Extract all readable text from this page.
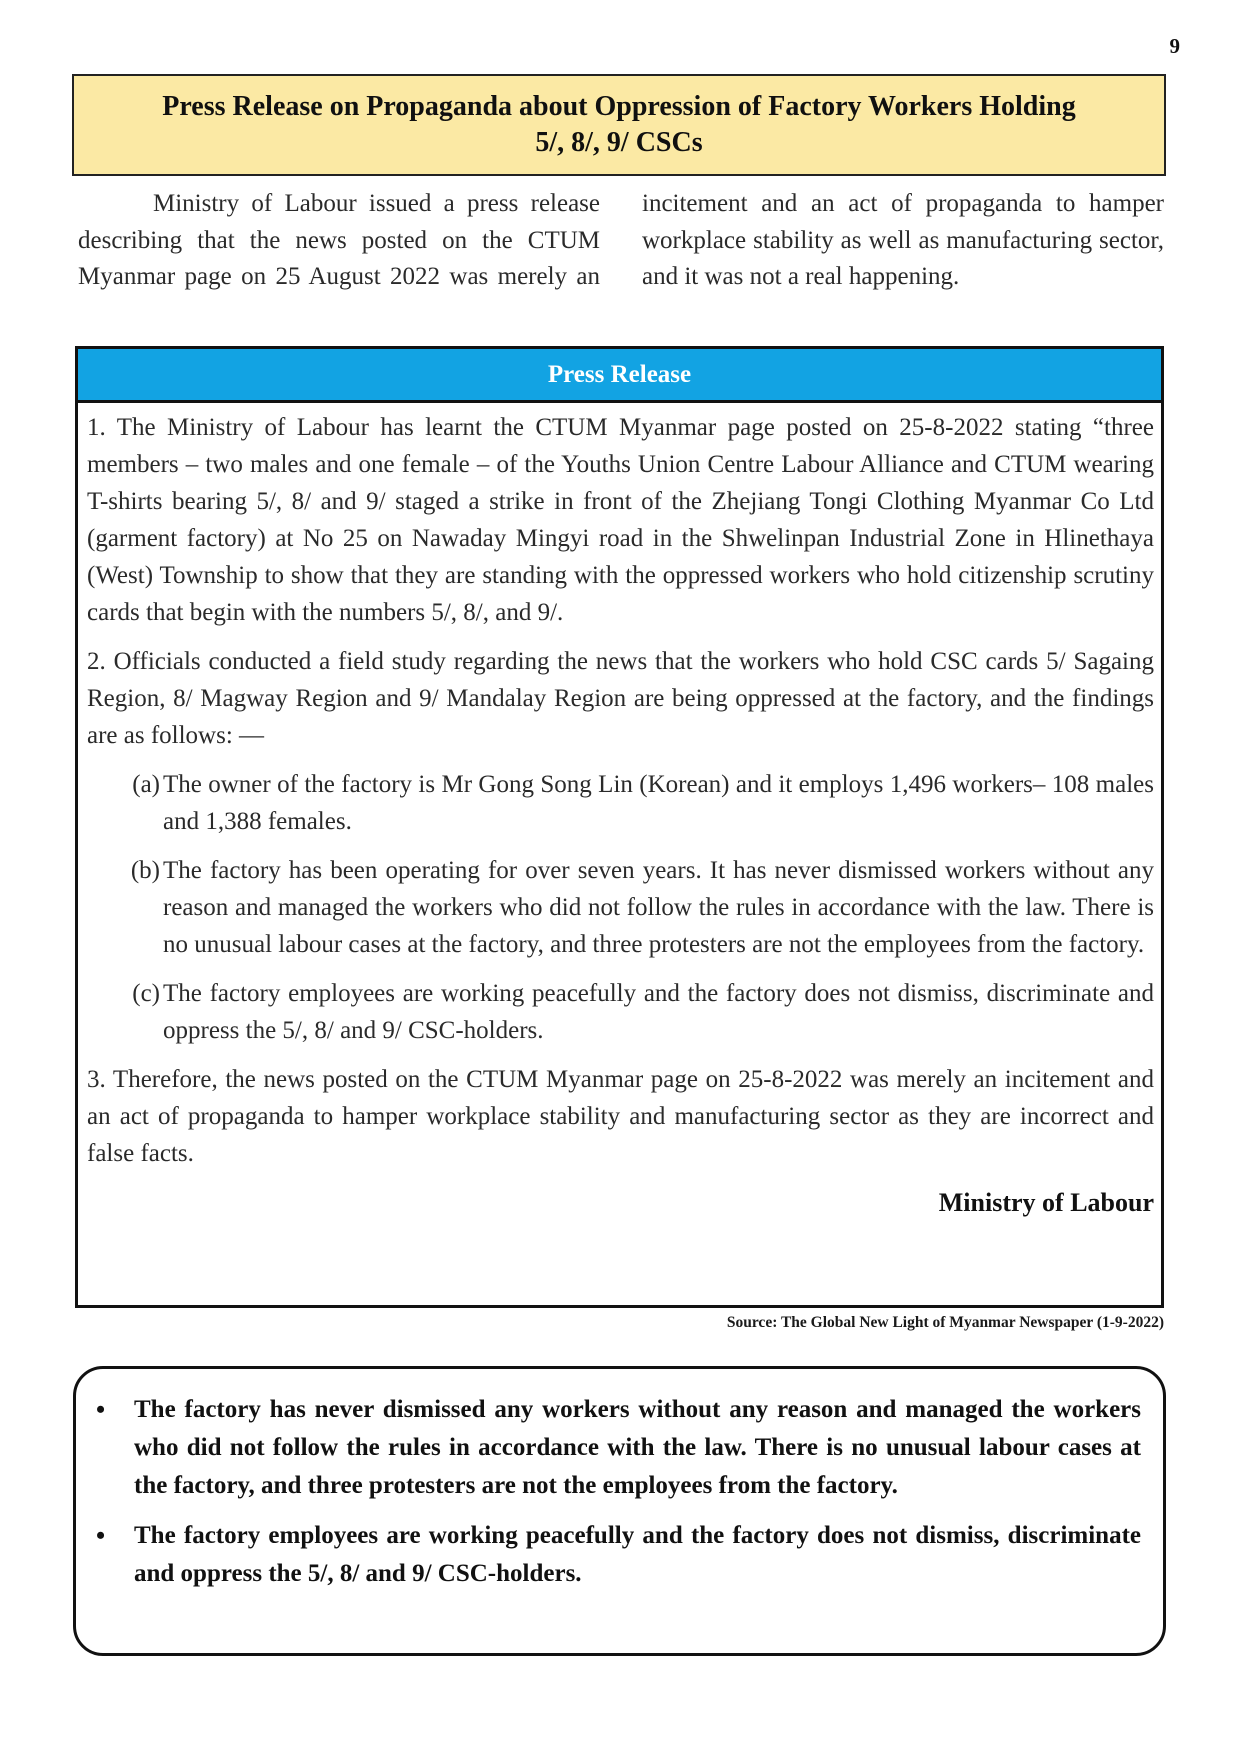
9
Press Release on Propaganda about Oppression of Factory Workers Holding
5/, 8/, 9/ CSCs

Ministry of Labour issued a press release describing that the news posted on the CTUM Myanmar page on 25 August 2022 was merely an incitement and an act of propaganda to hamper workplace stability as well as manufacturing sector, and it was not a real happening.

Press Release

1. The Ministry of Labour has learnt the CTUM Myanmar page posted on 25-8-2022 stating “three members – two males and one female – of the Youths Union Centre Labour Alliance and CTUM wearing T-shirts bearing 5/, 8/ and 9/ staged a strike in front of the Zhejiang Tongi Clothing Myanmar Co Ltd (garment factory) at No 25 on Nawaday Mingyi road in the Shwelinpan Industrial Zone in Hlinethaya (West) Township to show that they are standing with the oppressed workers who hold citizenship scrutiny cards that begin with the numbers 5/, 8/, and 9/.

2. Officials conducted a field study regarding the news that the workers who hold CSC cards 5/ Sagaing Region, 8/ Magway Region and 9/ Mandalay Region are being oppressed at the factory, and the findings are as follows: —

(a) The owner of the factory is Mr Gong Song Lin (Korean) and it employs 1,496 workers– 108 males and 1,388 females.
(b) The factory has been operating for over seven years. It has never dismissed workers without any reason and managed the workers who did not follow the rules in accordance with the law. There is no unusual labour cases at the factory, and three protesters are not the employees from the factory.
(c) The factory employees are working peacefully and the factory does not dismiss, discriminate and oppress the 5/, 8/ and 9/ CSC-holders.

3. Therefore, the news posted on the CTUM Myanmar page on 25-8-2022 was merely an incitement and an act of propaganda to hamper workplace stability and manufacturing sector as they are incorrect and false facts.

Ministry of Labour
Source: The Global New Light of Myanmar Newspaper (1-9-2022)
•	The factory has never dismissed any workers without any reason and managed the workers who did not follow the rules in accordance with the law. There is no unusual labour cases at the factory, and three protesters are not the employees from the factory.
•	The factory employees are working peacefully and the factory does not dismiss, discriminate and oppress the 5/, 8/ and 9/ CSC-holders.
